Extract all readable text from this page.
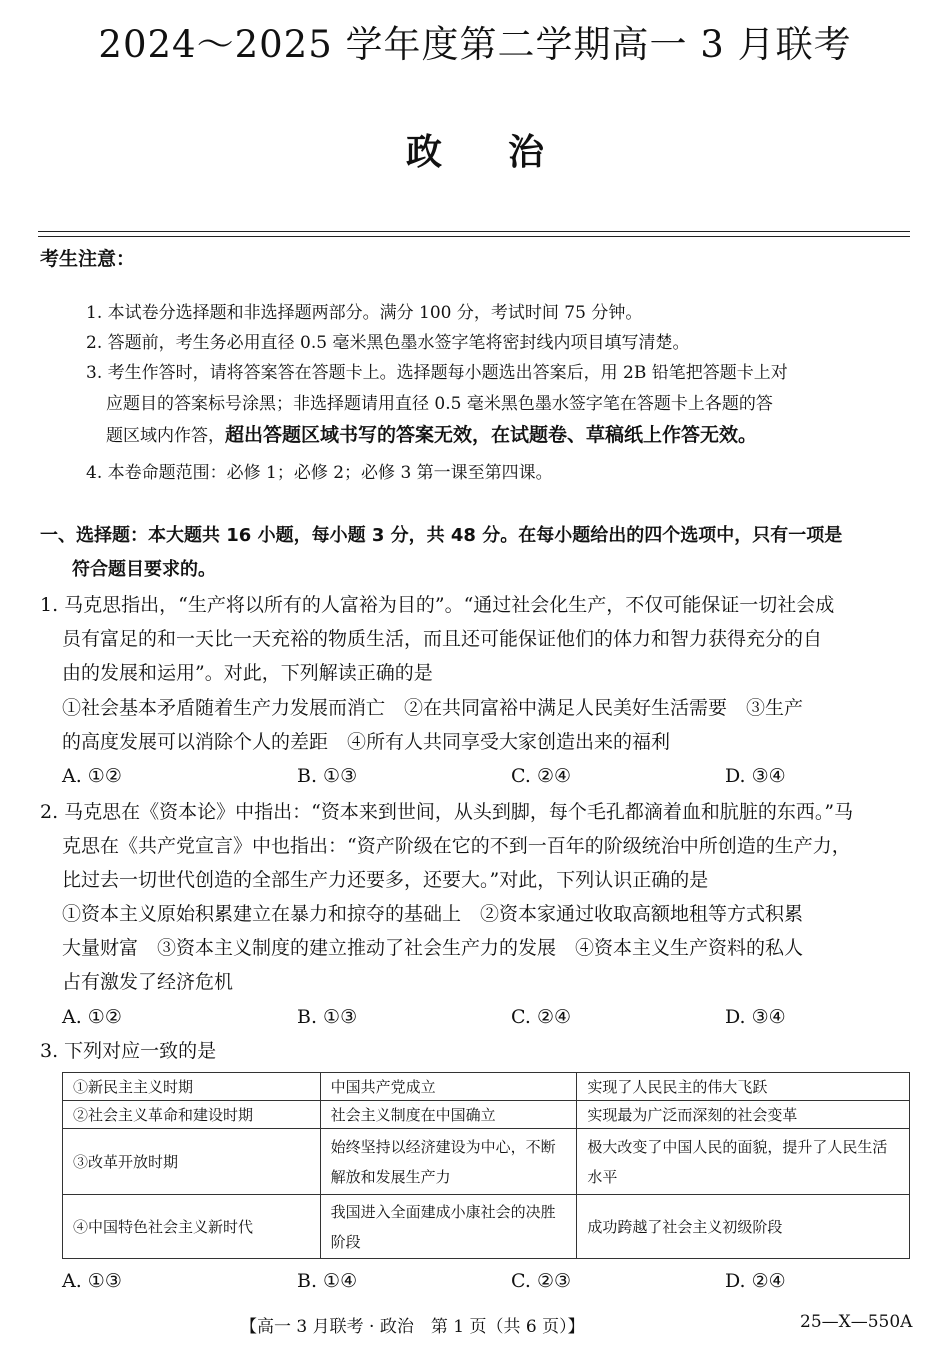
2024～2025 学年度第二学期高一 3 月联考
政治
考生注意：
1. 本试卷分选择题和非选择题两部分。满分 100 分，考试时间 75 分钟。
2. 答题前，考生务必用直径 0.5 毫米黑色墨水签字笔将密封线内项目填写清楚。
3. 考生作答时，请将答案答在答题卡上。选择题每小题选出答案后，用 2B 铅笔把答题卡上对
应题目的答案标号涂黑；非选择题请用直径 0.5 毫米黑色墨水签字笔在答题卡上各题的答
题区域内作答，超出答题区域书写的答案无效，在试题卷、草稿纸上作答无效。
4. 本卷命题范围：必修 1；必修 2；必修 3 第一课至第四课。
一、选择题：本大题共 16 小题，每小题 3 分，共 48 分。在每小题给出的四个选项中，只有一项是
符合题目要求的。
1. 马克思指出，“生产将以所有的人富裕为目的”。“通过社会化生产，不仅可能保证一切社会成
员有富足的和一天比一天充裕的物质生活，而且还可能保证他们的体力和智力获得充分的自
由的发展和运用”。对此，下列解读正确的是
①社会基本矛盾随着生产力发展而消亡　②在共同富裕中满足人民美好生活需要　③生产
的高度发展可以消除个人的差距　④所有人共同享受大家创造出来的福利
A. ①②	B. ①③	C. ②④	D. ③④
2. 马克思在《资本论》中指出：“资本来到世间，从头到脚，每个毛孔都滴着血和肮脏的东西。”马
克思在《共产党宣言》中也指出：“资产阶级在它的不到一百年的阶级统治中所创造的生产力，
比过去一切世代创造的全部生产力还要多，还要大。”对此，下列认识正确的是
①资本主义原始积累建立在暴力和掠夺的基础上　②资本家通过收取高额地租等方式积累
大量财富　③资本主义制度的建立推动了社会生产力的发展　④资本主义生产资料的私人
占有激发了经济危机
A. ①②	B. ①③	C. ②④	D. ③④
3. 下列对应一致的是
①新民主主义时期	中国共产党成立	实现了人民民主的伟大飞跃
②社会主义革命和建设时期	社会主义制度在中国确立	实现最为广泛而深刻的社会变革
③改革开放时期	始终坚持以经济建设为中心，不断解放和发展生产力	极大改变了中国人民的面貌，提升了人民生活水平
④中国特色社会主义新时代	我国进入全面建成小康社会的决胜阶段	成功跨越了社会主义初级阶段
A. ①③	B. ①④	C. ②③	D. ②④
【高一 3 月联考 · 政治　第 1 页（共 6 页）】	25—X—550A
